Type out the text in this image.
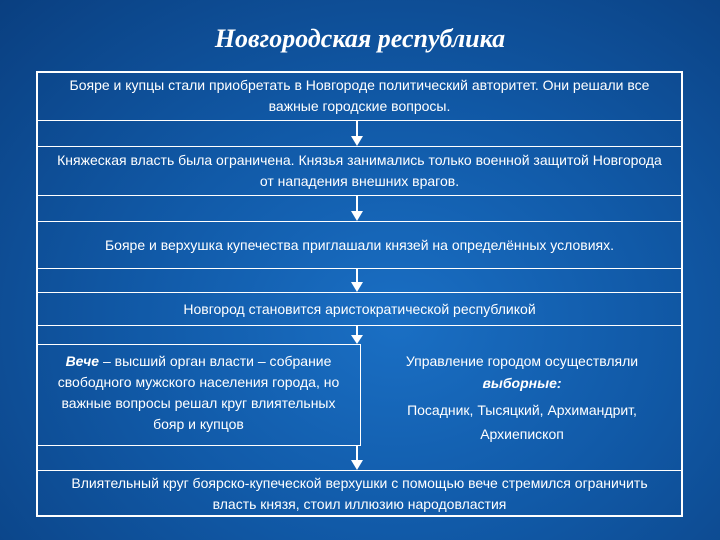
Новгородская республика
Бояре и купцы стали приобретать в Новгороде политический авторитет. Они решали все важные городские вопросы.
Княжеская власть была ограничена. Князья занимались только военной защитой Новгорода от нападения внешних врагов.
Бояре и верхушка купечества приглашали князей на определённых условиях.
Новгород становится аристократической республикой
Вече – высший орган власти – собрание свободного мужского населения города, но важные вопросы решал круг влиятельных бояр и купцов
Управление городом осуществляли
выборные:
Посадник, Тысяцкий, Архимандрит, Архиепископ
Влиятельный круг боярско-купеческой верхушки с помощью вече стремился ограничить власть князя, стоил иллюзию народовластия
